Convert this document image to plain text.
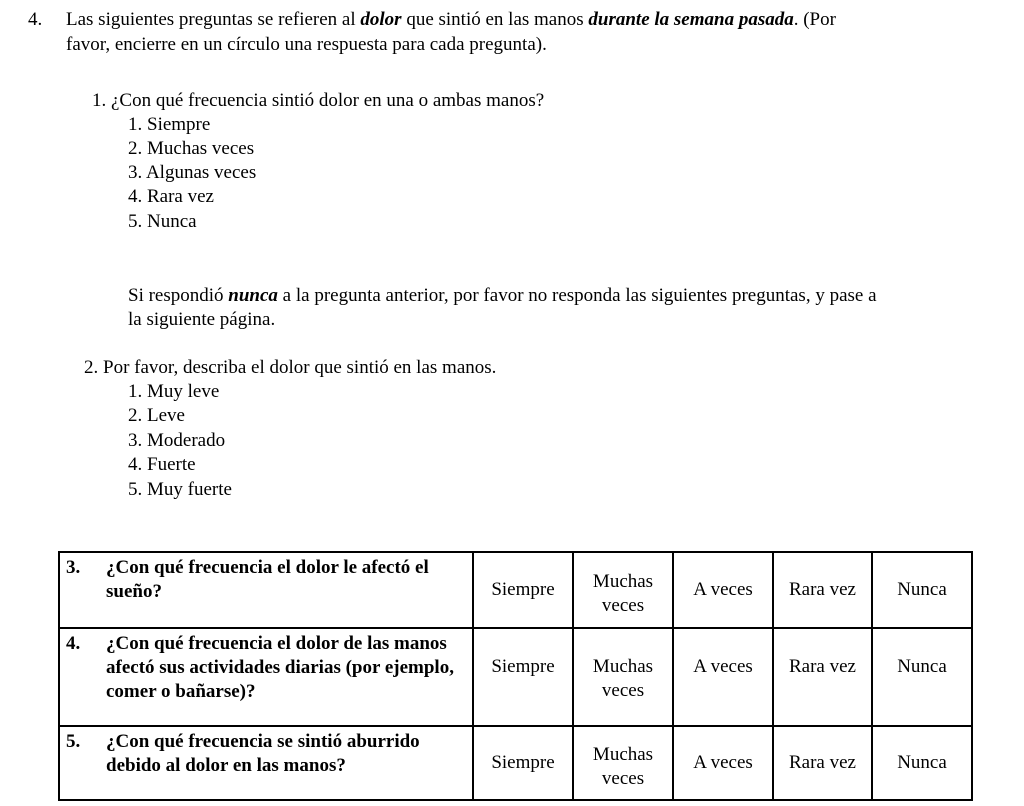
4. Las siguientes preguntas se refieren al dolor que sintió en las manos durante la semana pasada. (Por
favor, encierre en un círculo una respuesta para cada pregunta).
1. ¿Con qué frecuencia sintió dolor en una o ambas manos?
1. Siempre
2. Muchas veces
3. Algunas veces
4. Rara vez
5. Nunca
Si respondió nunca a la pregunta anterior, por favor no responda las siguientes preguntas, y pase a
la siguiente página.
2. Por favor, describa el dolor que sintió en las manos.
1. Muy leve
2. Leve
3. Moderado
4. Fuerte
5. Muy fuerte
3. ¿Con qué frecuencia el dolor le afectó el sueño?	Siempre	Muchas veces	A veces	Rara vez	Nunca

4. ¿Con qué frecuencia el dolor de las manos afectó sus actividades diarias (por ejemplo, comer o bañarse)?	Siempre	Muchas veces	A veces	Rara vez	Nunca

5. ¿Con qué frecuencia se sintió aburrido debido al dolor en las manos?	Siempre	Muchas veces	A veces	Rara vez	Nunca
